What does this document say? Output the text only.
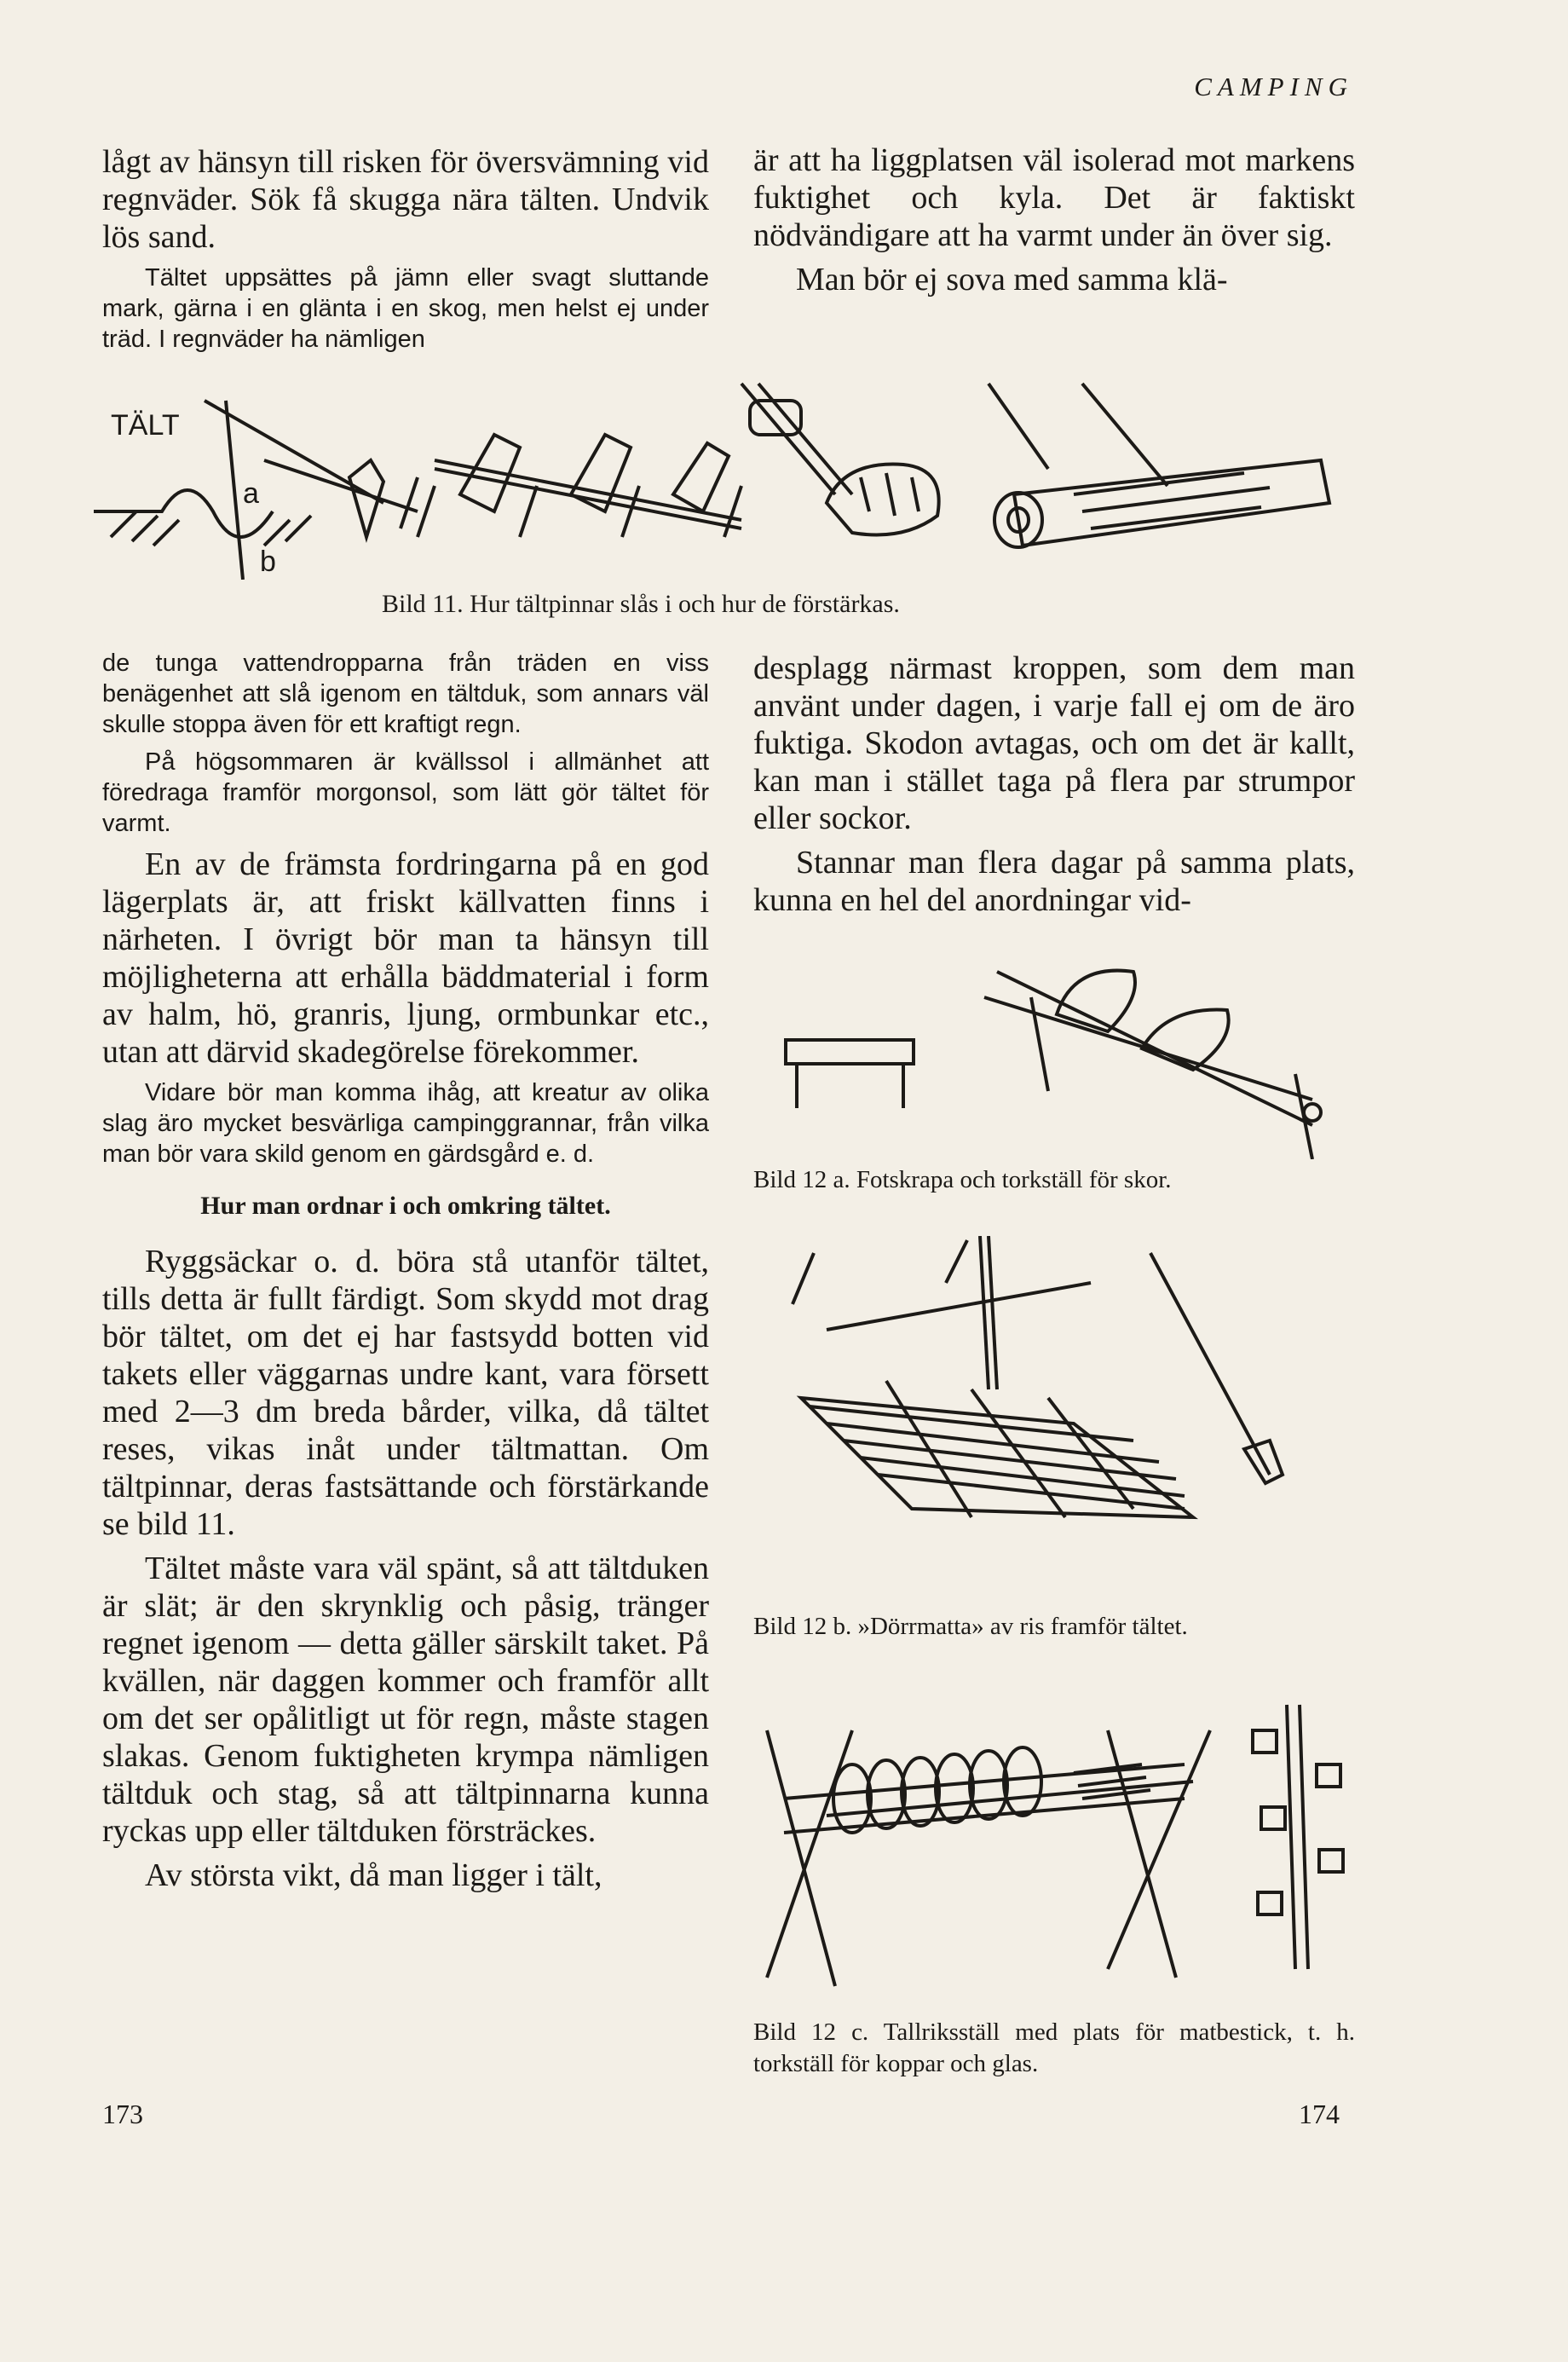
CAMPING

lågt av hänsyn till risken för översvämning vid regnväder. Sök få skugga nära tälten. Undvik lös sand.

Tältet uppsättes på jämn eller svagt sluttande mark, gärna i en glänta i en skog, men helst ej under träd. I regnväder ha nämligen

är att ha liggplatsen väl isolerad mot markens fuktighet och kyla. Det är faktiskt nödvändigare att ha varmt under än över sig.

Man bör ej sova med samma klä-

TÄLT
a
b
Bild 11. Hur tältpinnar slås i och hur de förstärkas.

de tunga vattendropparna från träden en viss benägenhet att slå igenom en tältduk, som annars väl skulle stoppa även för ett kraftigt regn.

På högsommaren är kvällssol i allmänhet att föredraga framför morgonsol, som lätt gör tältet för varmt.

En av de främsta fordringarna på en god lägerplats är, att friskt källvatten finns i närheten. I övrigt bör man ta hänsyn till möjligheterna att erhålla bäddmaterial i form av halm, hö, granris, ljung, ormbunkar etc., utan att därvid skadegörelse förekommer.

Vidare bör man komma ihåg, att kreatur av olika slag äro mycket besvärliga campinggrannar, från vilka man bör vara skild genom en gärdsgård e. d.

Hur man ordnar i och omkring tältet.

Ryggsäckar o. d. böra stå utanför tältet, tills detta är fullt färdigt. Som skydd mot drag bör tältet, om det ej har fastsydd botten vid takets eller väggarnas undre kant, vara försett med 2—3 dm breda bårder, vilka, då tältet reses, vikas inåt under tältmattan. Om tältpinnar, deras fastsättande och förstärkande se bild 11.

Tältet måste vara väl spänt, så att tältduken är slät; är den skrynklig och påsig, tränger regnet igenom — detta gäller särskilt taket. På kvällen, när daggen kommer och framför allt om det ser opålitligt ut för regn, måste stagen slakas. Genom fuktigheten krympa nämligen tältduk och stag, så att tältpinnarna kunna ryckas upp eller tältduken försträckes.

Av största vikt, då man ligger i tält,

desplagg närmast kroppen, som dem man använt under dagen, i varje fall ej om de äro fuktiga. Skodon avtagas, och om det är kallt, kan man i stället taga på flera par strumpor eller sockor.

Stannar man flera dagar på samma plats, kunna en hel del anordningar vid-

Bild 12 a. Fotskrapa och torkställ för skor.
Bild 12 b. »Dörrmatta» av ris framför tältet.
Bild 12 c. Tallriksställ med plats för matbestick, t. h. torkställ för koppar och glas.
173	174
